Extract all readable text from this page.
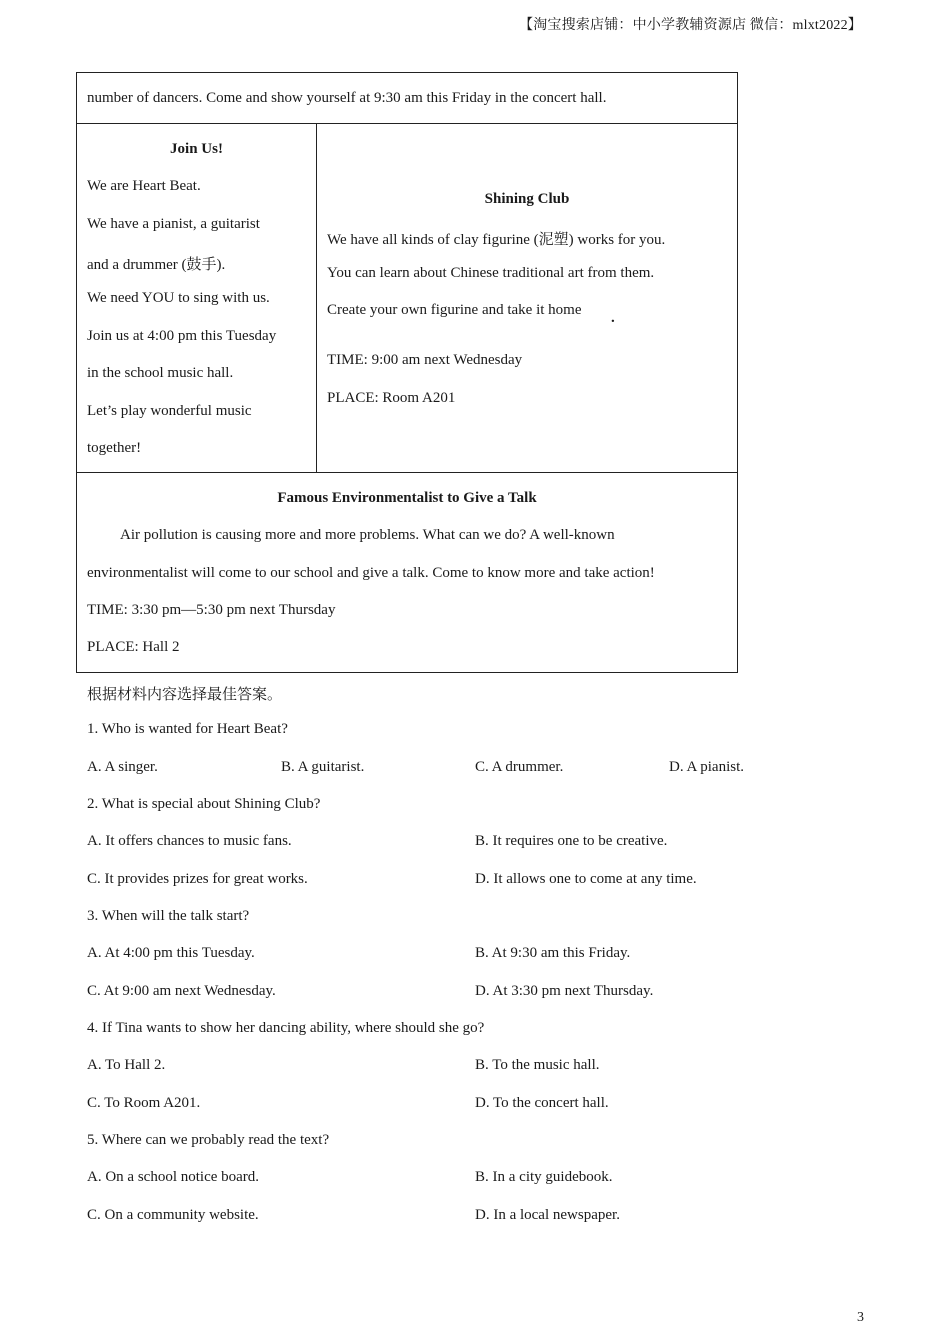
【淘宝搜索店铺：中小学教辅资源店 微信：mlxt2022】

number of dancers. Come and show yourself at 9:30 am this Friday in the concert hall.

Join Us!
We are Heart Beat.
We have a pianist, a guitarist
and a drummer (鼓手).
We need YOU to sing with us.
Join us at 4:00 pm this Tuesday
in the school music hall.
Let’s play wonderful music
together!
Shining Club
We have all kinds of clay figurine (泥塑) works for you.
You can learn about Chinese traditional art from them.
Create your own figurine and take it home .
TIME: 9:00 am next Wednesday
PLACE: Room A201
Famous Environmentalist to Give a Talk
Air pollution is causing more and more problems. What can we do? A well-known
environmentalist will come to our school and give a talk. Come to know more and take action!
TIME: 3:30 pm—5:30 pm next Thursday
PLACE: Hall 2
根据材料内容选择最佳答案。
1. Who is wanted for Heart Beat?
A. A singer.	B. A guitarist.	C. A drummer.	D. A pianist.
2. What is special about Shining Club?
A. It offers chances to music fans.	B. It requires one to be creative.
C. It provides prizes for great works.	D. It allows one to come at any time.
3. When will the talk start?
A. At 4:00 pm this Tuesday.	B. At 9:30 am this Friday.
C. At 9:00 am next Wednesday.	D. At 3:30 pm next Thursday.
4. If Tina wants to show her dancing ability, where should she go?
A. To Hall 2.	B. To the music hall.
C. To Room A201.	D. To the concert hall.
5. Where can we probably read the text?
A. On a school notice board.	B. In a city guidebook.
C. On a community website.	D. In a local newspaper.
3
